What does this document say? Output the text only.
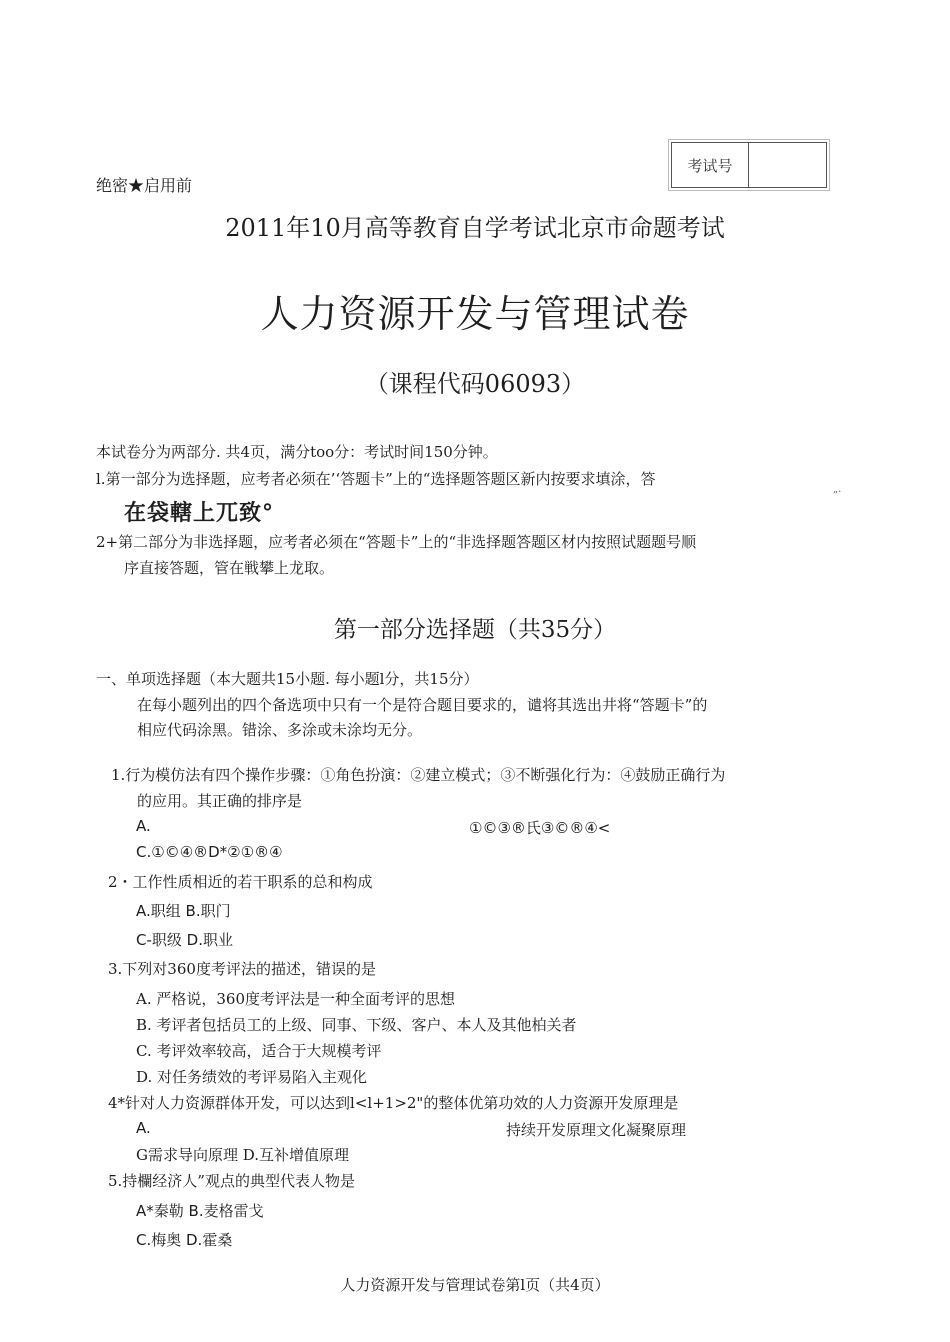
绝密★启用前
考试号
2011年10月高等教育自学考试北京市命题考试
人力资源开发与管理试卷
（课程代码06093）
本试卷分为两部分. 共4页，满分too分：考试时间150分钟。
l.第一部分为选择题，应考者必须在’‘答题卡”上的“选择题答题区新内按要求填涂，答
在袋轄上兀致°
„.
2+第二部分为非选择题，应考者必须在“答题卡”上的“非选择题答题区材内按照试题题号顺
序直接答题，管在戦攀上龙取。
第一部分选择题（共35分）
一、单项选择题（本大题共15小题. 每小题l分，共15分）
在每小题列出的四个备选项中只有一个是符合题目要求的，谴将其选出井将“答题卡”的
相应代码涂黑。错涂、多涂或未涂均无分。
1.行为模仿法有四个操作步骤：①角色扮演：②建立模式；③不断强化行为：④鼓励正确行为
的应用。其正确的排序是
A.	①©③®氏③©®④<
C.①©④®D*②①®④
2・工作性质相近的若干职系的总和构成
A.职组 B.职门
C-职级 D.职业
3.下列对360度考评法的描述，错误的是
A. 严格说，360度考评法是一种全面考评的思想
B. 考评者包括员工的上级、同事、下级、客户、本人及其他柏关者
C. 考评效率较高，适合于大规模考评
D. 对任务绩效的考评易陷入主观化
4*针对人力资源群体开发，可以达到l<l+1>2"的整体优第功效的人力资源开发原理是
A.	持续开发原理文化凝聚原理
G需求导向原理 D.互补增值原理
5.持欄经济人”观点的典型代表人物是
A*秦勒 B.麦格雷戈
C.梅奥 D.霍桑
人力资源开发与管理试卷第l页（共4页）
